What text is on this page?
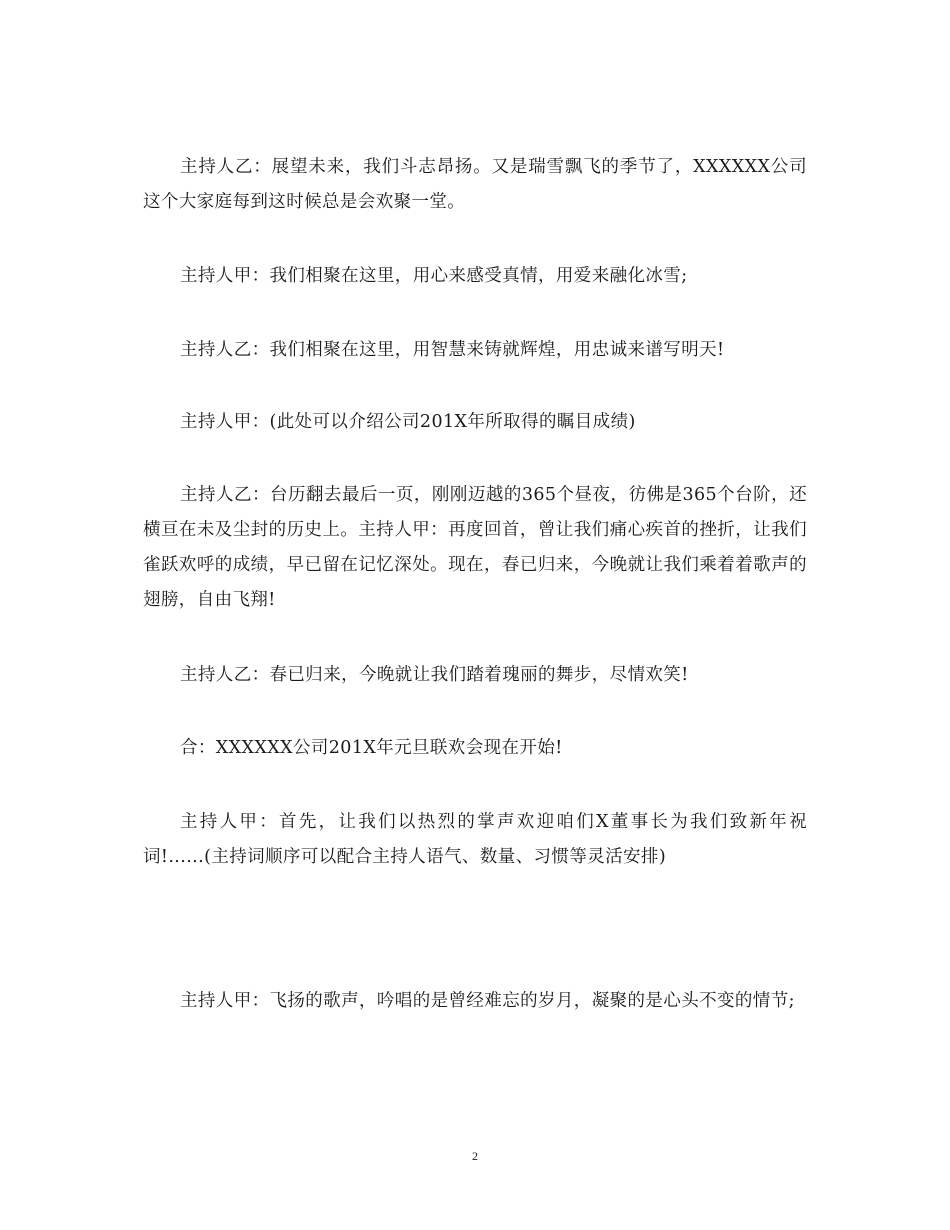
主持人乙：展望未来，我们斗志昂扬。又是瑞雪飘飞的季节了，XXXXXX公司这个大家庭每到这时候总是会欢聚一堂。

主持人甲：我们相聚在这里，用心来感受真情，用爱来融化冰雪;

主持人乙：我们相聚在这里，用智慧来铸就辉煌，用忠诚来谱写明天!

主持人甲：(此处可以介绍公司201X年所取得的瞩目成绩)

主持人乙：台历翻去最后一页，刚刚迈越的365个昼夜，彷佛是365个台阶，还横亘在未及尘封的历史上。主持人甲：再度回首，曾让我们痛心疾首的挫折，让我们雀跃欢呼的成绩，早已留在记忆深处。现在，春已归来，今晚就让我们乘着着歌声的翅膀，自由飞翔!

主持人乙：春已归来，今晚就让我们踏着瑰丽的舞步，尽情欢笑!

合：XXXXXX公司201X年元旦联欢会现在开始!

主持人甲：首先，让我们以热烈的掌声欢迎咱们X董事长为我们致新年祝词!......(主持词顺序可以配合主持人语气、数量、习惯等灵活安排)

主持人甲：飞扬的歌声，吟唱的是曾经难忘的岁月，凝聚的是心头不变的情节;

2
